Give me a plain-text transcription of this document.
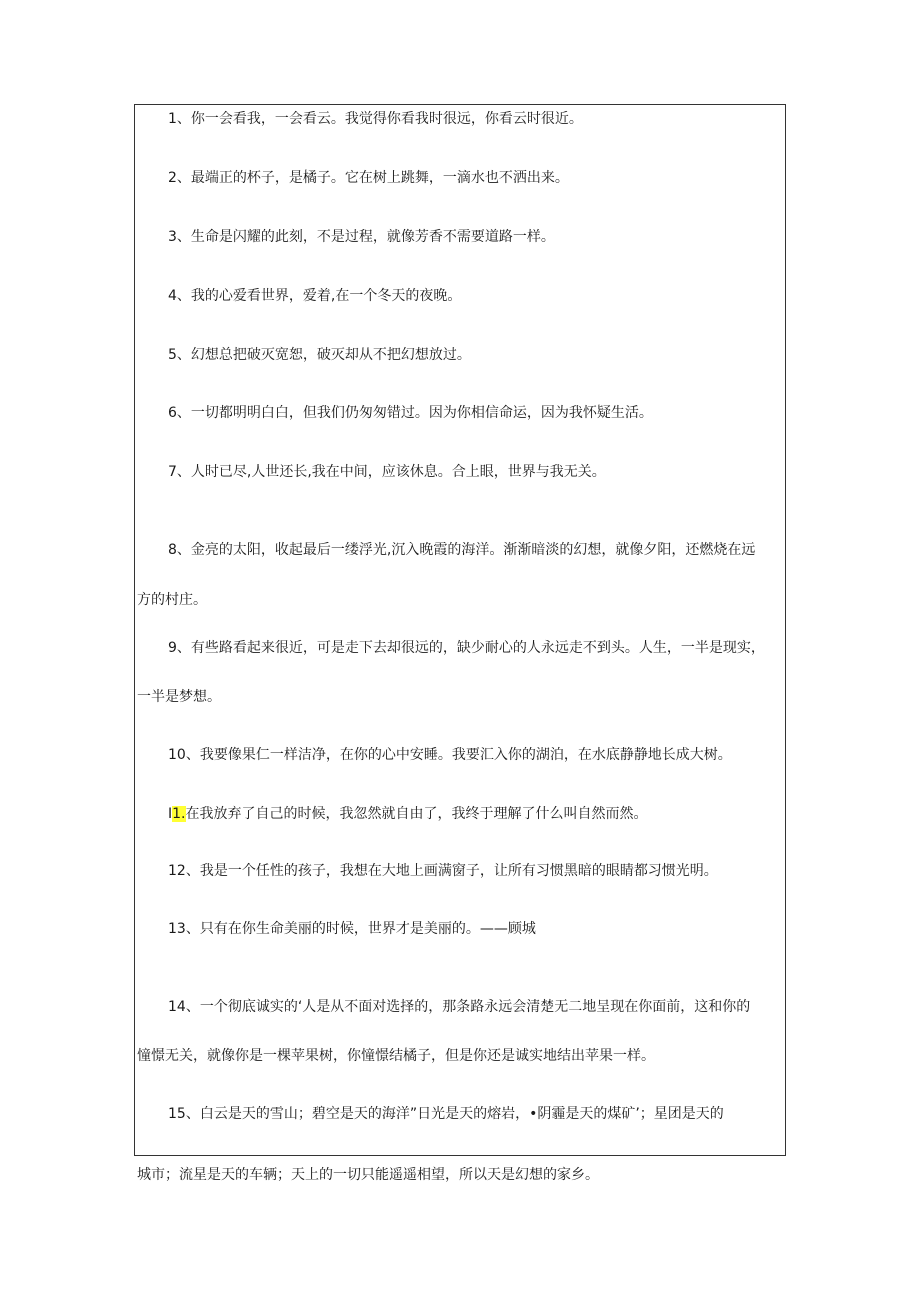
1、你一会看我，一会看云。我觉得你看我时很远，你看云时很近。
2、最端正的杯子，是橘子。它在树上跳舞，一滴水也不洒出来。
3、生命是闪耀的此刻，不是过程，就像芳香不需要道路一样。
4、我的心爱看世界，爱着,在一个冬天的夜晚。
5、幻想总把破灭宽恕，破灭却从不把幻想放过。
6、一切都明明白白，但我们仍匆匆错过。因为你相信命运，因为我怀疑生活。
7、人时已尽,人世还长,我在中间，应该休息。合上眼，世界与我无关。
8、金亮的太阳，收起最后一缕浮光,沉入晚霞的海洋。渐渐暗淡的幻想，就像夕阳，还燃烧在远
方的村庄。
9、有些路看起来很近，可是走下去却很远的，缺少耐心的人永远走不到头。人生，一半是现实，
一半是梦想。
10、我要像果仁一样洁净，在你的心中安睡。我要汇入你的湖泊，在水底静静地长成大树。
I1.在我放弃了自己的时候，我忽然就自由了，我终于理解了什么叫自然而然。
12、我是一个任性的孩子，我想在大地上画满窗子，让所有习惯黑暗的眼睛都习惯光明。
13、只有在你生命美丽的时候，世界才是美丽的。——顾城
14、一个彻底诚实的‘人是从不面对选择的，那条路永远会清楚无二地呈现在你面前，这和你的
憧憬无关，就像你是一棵苹果树，你憧憬结橘子，但是你还是诚实地结出苹果一样。
15、白云是天的雪山；碧空是天的海洋”日光是天的熔岩，•阴霾是天的煤矿’；星团是天的
城市；流星是天的车辆；天上的一切只能遥遥相望，所以天是幻想的家乡。
